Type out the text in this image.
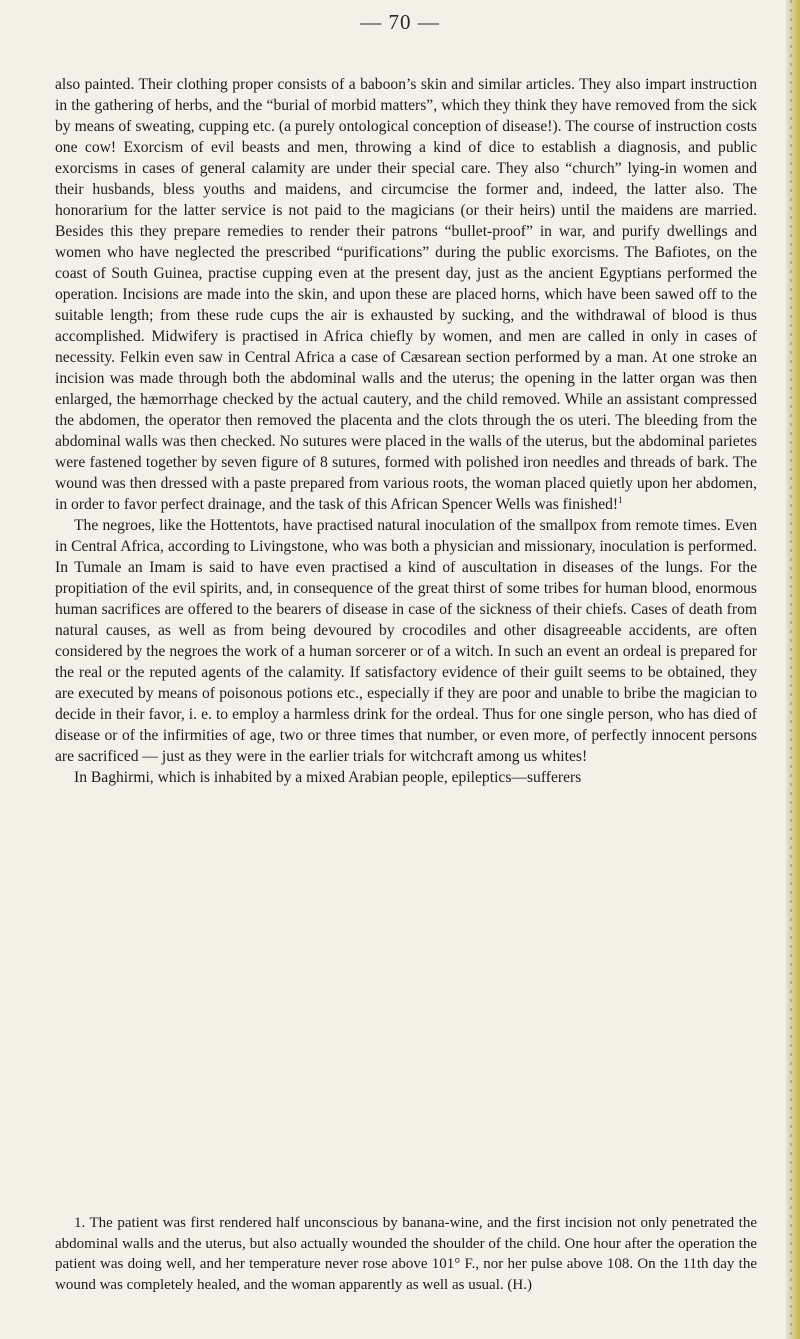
— 70 —

also painted. Their clothing proper consists of a baboon’s skin and similar articles. They also impart instruction in the gathering of herbs, and the “burial of morbid matters”, which they think they have removed from the sick by means of sweating, cupping etc. (a purely ontological conception of disease!). The course of instruction costs one cow! Exorcism of evil beasts and men, throwing a kind of dice to establish a diagnosis, and public exorcisms in cases of general calamity are under their special care. They also “church” lying-in women and their husbands, bless youths and maidens, and circumcise the former and, indeed, the latter also. The honorarium for the latter service is not paid to the magicians (or their heirs) until the maidens are married. Besides this they prepare remedies to render their patrons “bullet-proof” in war, and purify dwellings and women who have neglected the prescribed “purifications” during the public exorcisms. The Bafiotes, on the coast of South Guinea, practise cupping even at the present day, just as the ancient Egyptians performed the operation. Incisions are made into the skin, and upon these are placed horns, which have been sawed off to the suitable length; from these rude cups the air is exhausted by sucking, and the withdrawal of blood is thus accomplished. Midwifery is practised in Africa chiefly by women, and men are called in only in cases of necessity. Felkin even saw in Central Africa a case of Cæsarean section performed by a man. At one stroke an incision was made through both the abdominal walls and the uterus; the opening in the latter organ was then enlarged, the hæmorrhage checked by the actual cautery, and the child removed. While an assistant compressed the abdomen, the operator then removed the placenta and the clots through the os uteri. The bleeding from the abdominal walls was then checked. No sutures were placed in the walls of the uterus, but the abdominal parietes were fastened together by seven figure of 8 sutures, formed with polished iron needles and threads of bark. The wound was then dressed with a paste prepared from various roots, the woman placed quietly upon her abdomen, in order to favor perfect drainage, and the task of this African Spencer Wells was finished!$^1$

The negroes, like the Hottentots, have practised natural inoculation of the smallpox from remote times. Even in Central Africa, according to Livingstone, who was both a physician and missionary, inoculation is performed. In Tumale an Imam is said to have even practised a kind of auscultation in diseases of the lungs. For the propitiation of the evil spirits, and, in consequence of the great thirst of some tribes for human blood, enormous human sacrifices are offered to the bearers of disease in case of the sickness of their chiefs. Cases of death from natural causes, as well as from being devoured by crocodiles and other disagreeable accidents, are often considered by the negroes the work of a human sorcerer or of a witch. In such an event an ordeal is prepared for the real or the reputed agents of the calamity. If satisfactory evidence of their guilt seems to be obtained, they are executed by means of poisonous potions etc., especially if they are poor and unable to bribe the magician to decide in their favor, i. e. to employ a harmless drink for the ordeal. Thus for one single person, who has died of disease or of the infirmities of age, two or three times that number, or even more, of perfectly innocent persons are sacrificed — just as they were in the earlier trials for witchcraft among us whites!

In Baghirmi, which is inhabited by a mixed Arabian people, epileptics—sufferers

1. The patient was first rendered half unconscious by banana-wine, and the first incision not only penetrated the abdominal walls and the uterus, but also actually wounded the shoulder of the child. One hour after the operation the patient was doing well, and her temperature never rose above 101° F., nor her pulse above 108. On the 11th day the wound was completely healed, and the woman apparently as well as usual. (H.)
